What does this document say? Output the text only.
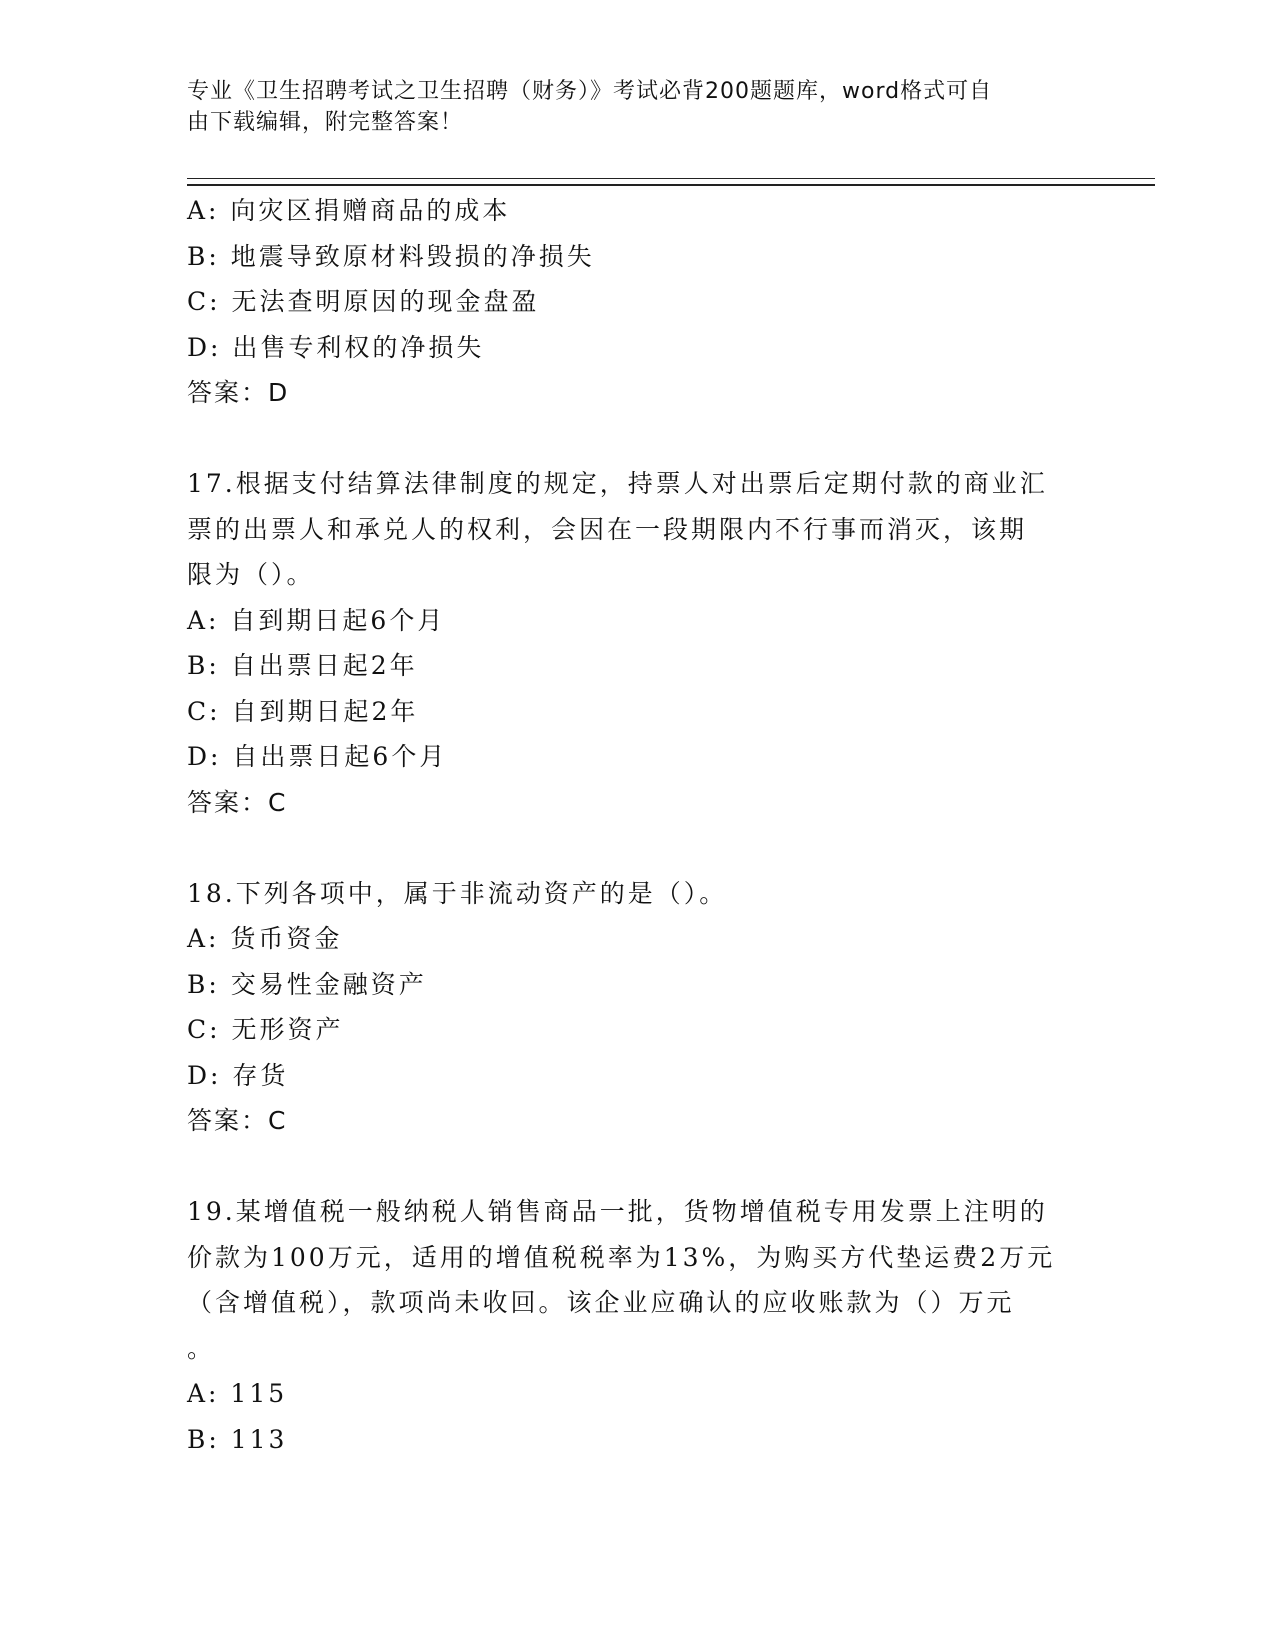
专业《卫生招聘考试之卫生招聘（财务）》考试必背200题题库，word格式可自
由下载编辑，附完整答案！
A: 向灾区捐赠商品的成本
B: 地震导致原材料毁损的净损失
C: 无法查明原因的现金盘盈
D: 出售专利权的净损失
答案：D
17.根据支付结算法律制度的规定，持票人对出票后定期付款的商业汇
票的出票人和承兑人的权利，会因在一段期限内不行事而消灭，该期
限为（）。
A: 自到期日起6个月
B: 自出票日起2年
C: 自到期日起2年
D: 自出票日起6个月
答案：C
18.下列各项中，属于非流动资产的是（）。
A: 货币资金
B: 交易性金融资产
C: 无形资产
D: 存货
答案：C
19.某增值税一般纳税人销售商品一批，货物增值税专用发票上注明的
价款为100万元，适用的增值税税率为13%，为购买方代垫运费2万元
（含增值税），款项尚未收回。该企业应确认的应收账款为（）万元
。
A: 115
B: 113
